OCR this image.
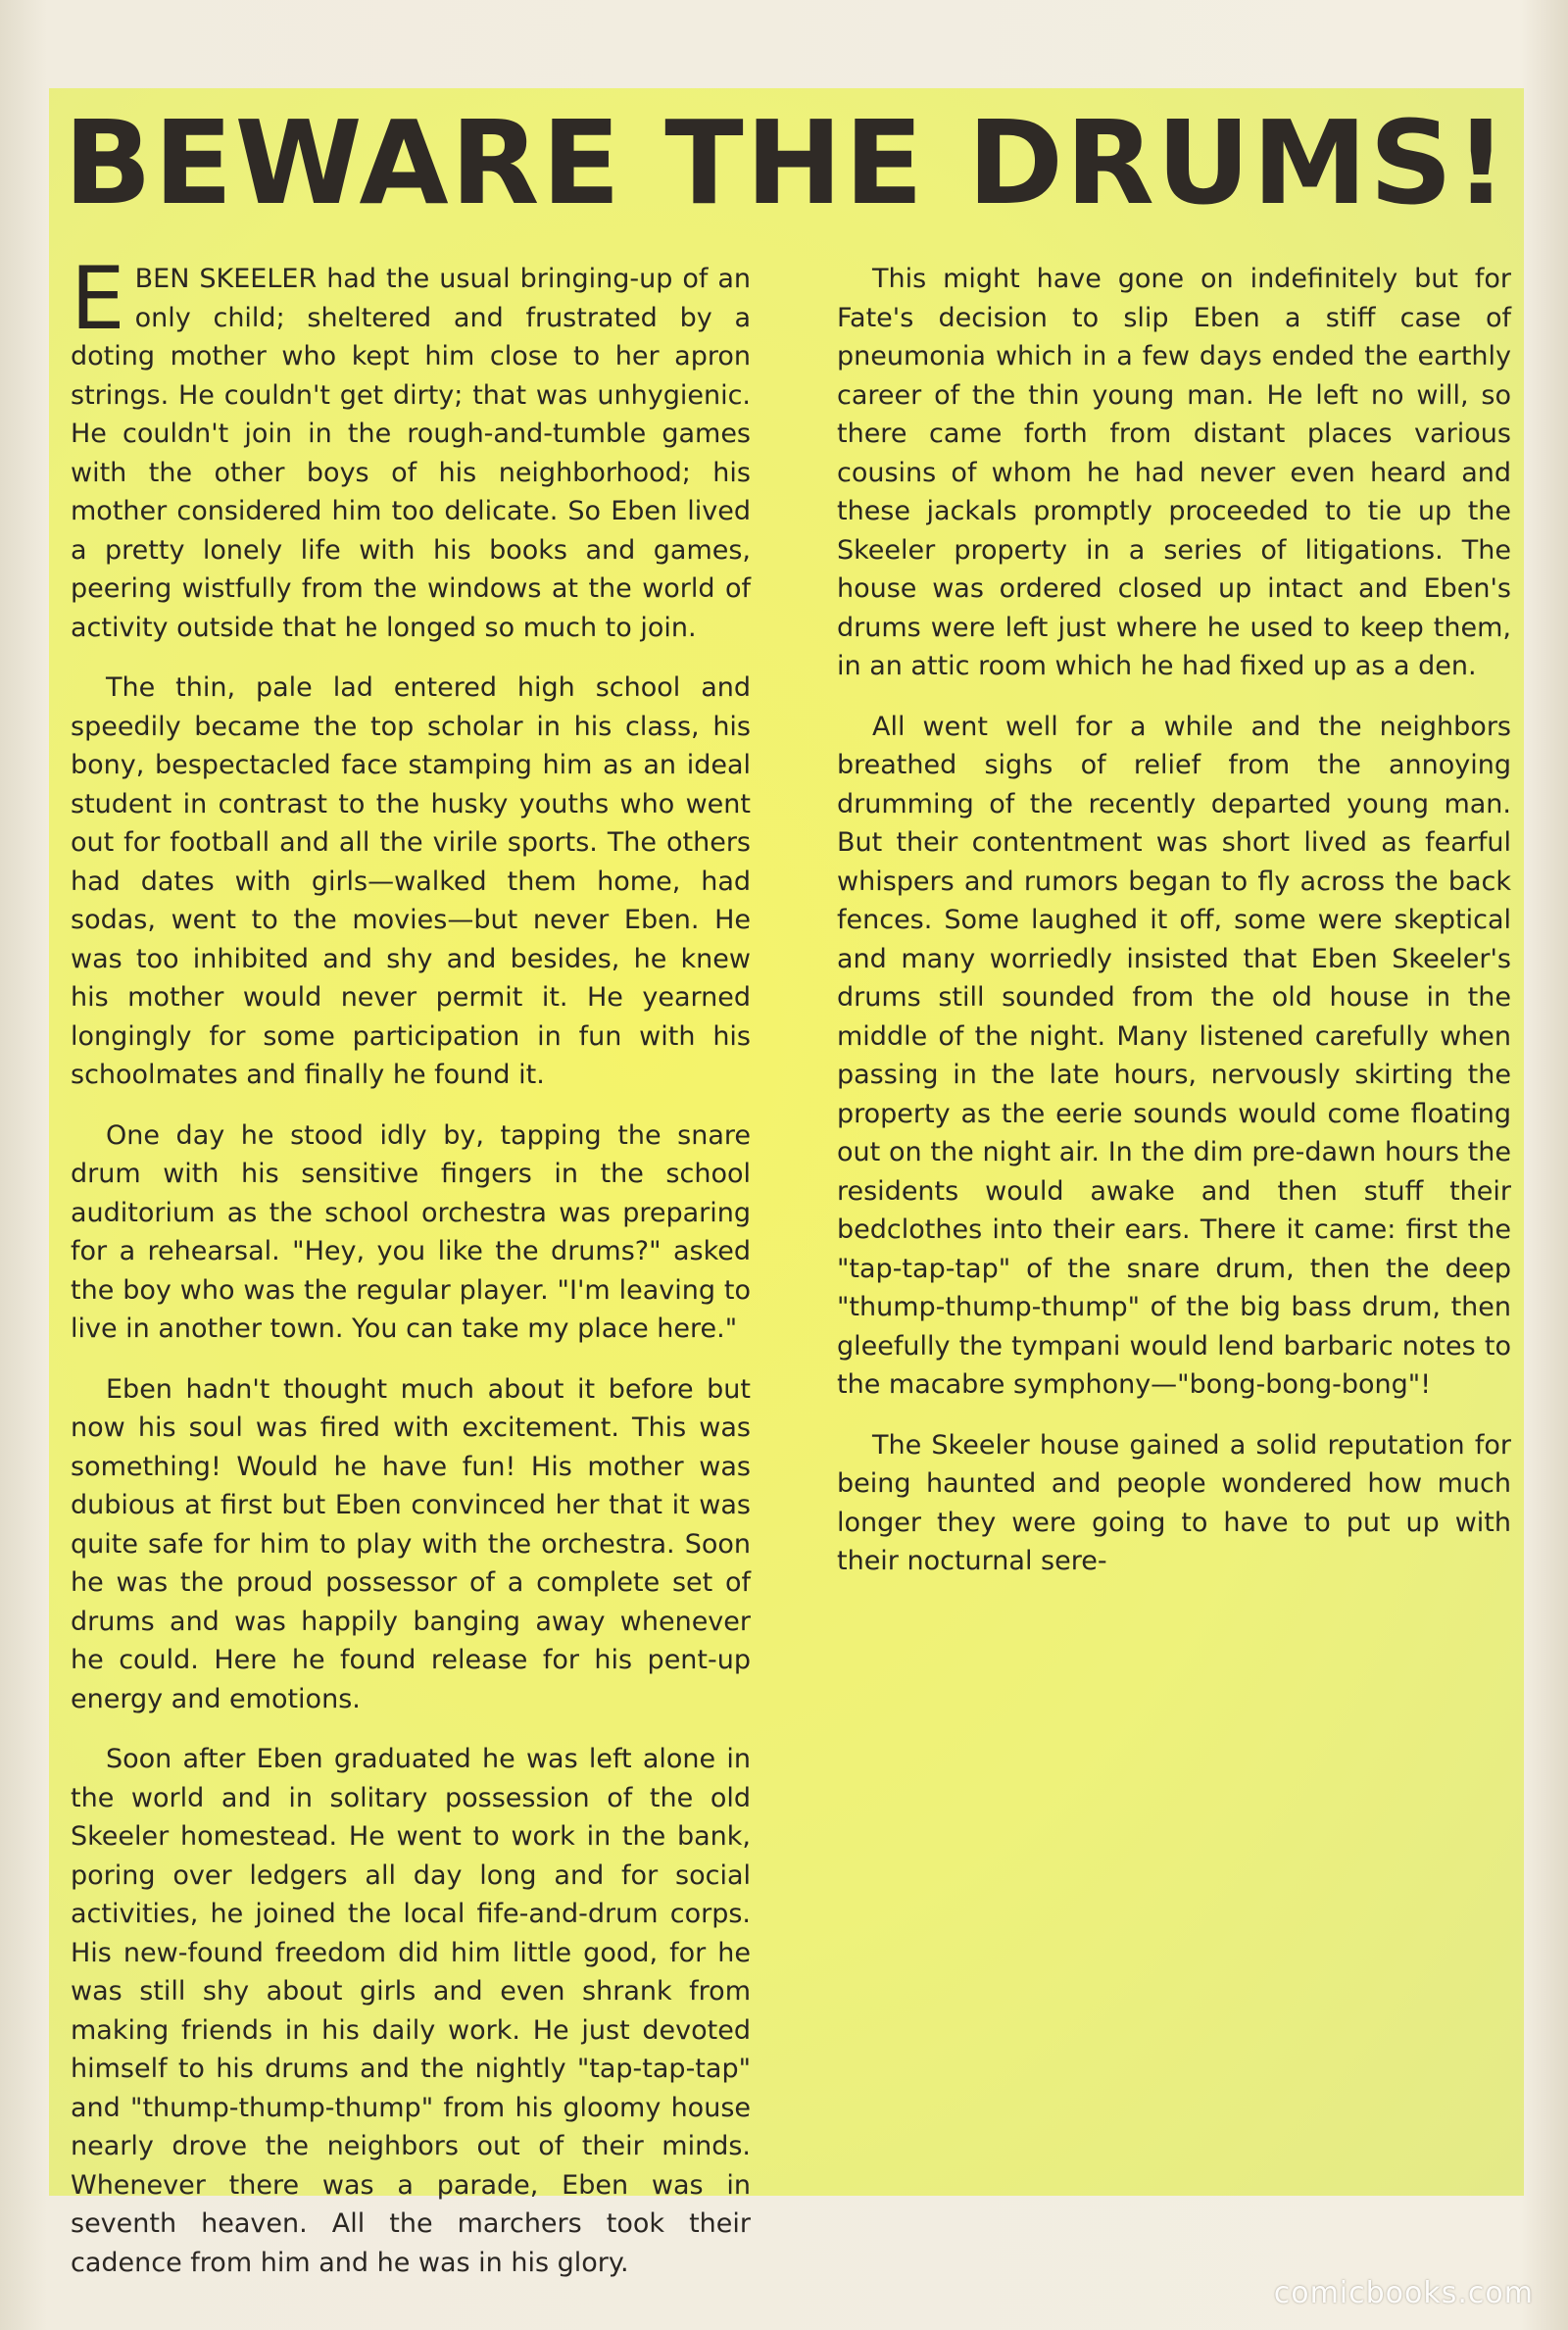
BEWARE THE DRUMS!

EBEN SKEELER had the usual bringing-up of an only child; sheltered and frustrated by a doting mother who kept him close to her apron strings. He couldn't get dirty; that was unhygienic. He couldn't join in the rough-and-tumble games with the other boys of his neighborhood; his mother considered him too delicate. So Eben lived a pretty lonely life with his books and games, peering wistfully from the windows at the world of activity outside that he longed so much to join.

The thin, pale lad entered high school and speedily became the top scholar in his class, his bony, bespectacled face stamping him as an ideal student in contrast to the husky youths who went out for football and all the virile sports. The others had dates with girls—walked them home, had sodas, went to the movies—but never Eben. He was too inhibited and shy and besides, he knew his mother would never permit it. He yearned longingly for some participation in fun with his schoolmates and finally he found it.

One day he stood idly by, tapping the snare drum with his sensitive fingers in the school auditorium as the school orchestra was preparing for a rehearsal. "Hey, you like the drums?" asked the boy who was the regular player. "I'm leaving to live in another town. You can take my place here."

Eben hadn't thought much about it before but now his soul was fired with excitement. This was something! Would he have fun! His mother was dubious at first but Eben convinced her that it was quite safe for him to play with the orchestra. Soon he was the proud possessor of a complete set of drums and was happily banging away whenever he could. Here he found release for his pent-up energy and emotions.

Soon after Eben graduated he was left alone in the world and in solitary possession of the old Skeeler homestead. He went to work in the bank, poring over ledgers all day long and for social activities, he joined the local fife-and-drum corps. His new-found freedom did him little good, for he was still shy about girls and even shrank from making friends in his daily work. He just devoted himself to his drums and the nightly "tap-tap-tap" and "thump-thump-thump" from his gloomy house nearly drove the neighbors out of their minds. Whenever there was a parade, Eben was in seventh heaven. All the marchers took their cadence from him and he was in his glory.

This might have gone on indefinitely but for Fate's decision to slip Eben a stiff case of pneumonia which in a few days ended the earthly career of the thin young man. He left no will, so there came forth from distant places various cousins of whom he had never even heard and these jackals promptly proceeded to tie up the Skeeler property in a series of litigations. The house was ordered closed up intact and Eben's drums were left just where he used to keep them, in an attic room which he had fixed up as a den.

All went well for a while and the neighbors breathed sighs of relief from the annoying drumming of the recently departed young man. But their contentment was short lived as fearful whispers and rumors began to fly across the back fences. Some laughed it off, some were skeptical and many worriedly insisted that Eben Skeeler's drums still sounded from the old house in the middle of the night. Many listened carefully when passing in the late hours, nervously skirting the property as the eerie sounds would come floating out on the night air. In the dim pre-dawn hours the residents would awake and then stuff their bedclothes into their ears. There it came: first the "tap-tap-tap" of the snare drum, then the deep "thump-thump-thump" of the big bass drum, then gleefully the tympani would lend barbaric notes to the macabre symphony—"bong-bong-bong"!

The Skeeler house gained a solid reputation for being haunted and people wondered how much longer they were going to have to put up with their nocturnal sere-

comicbooks.com
